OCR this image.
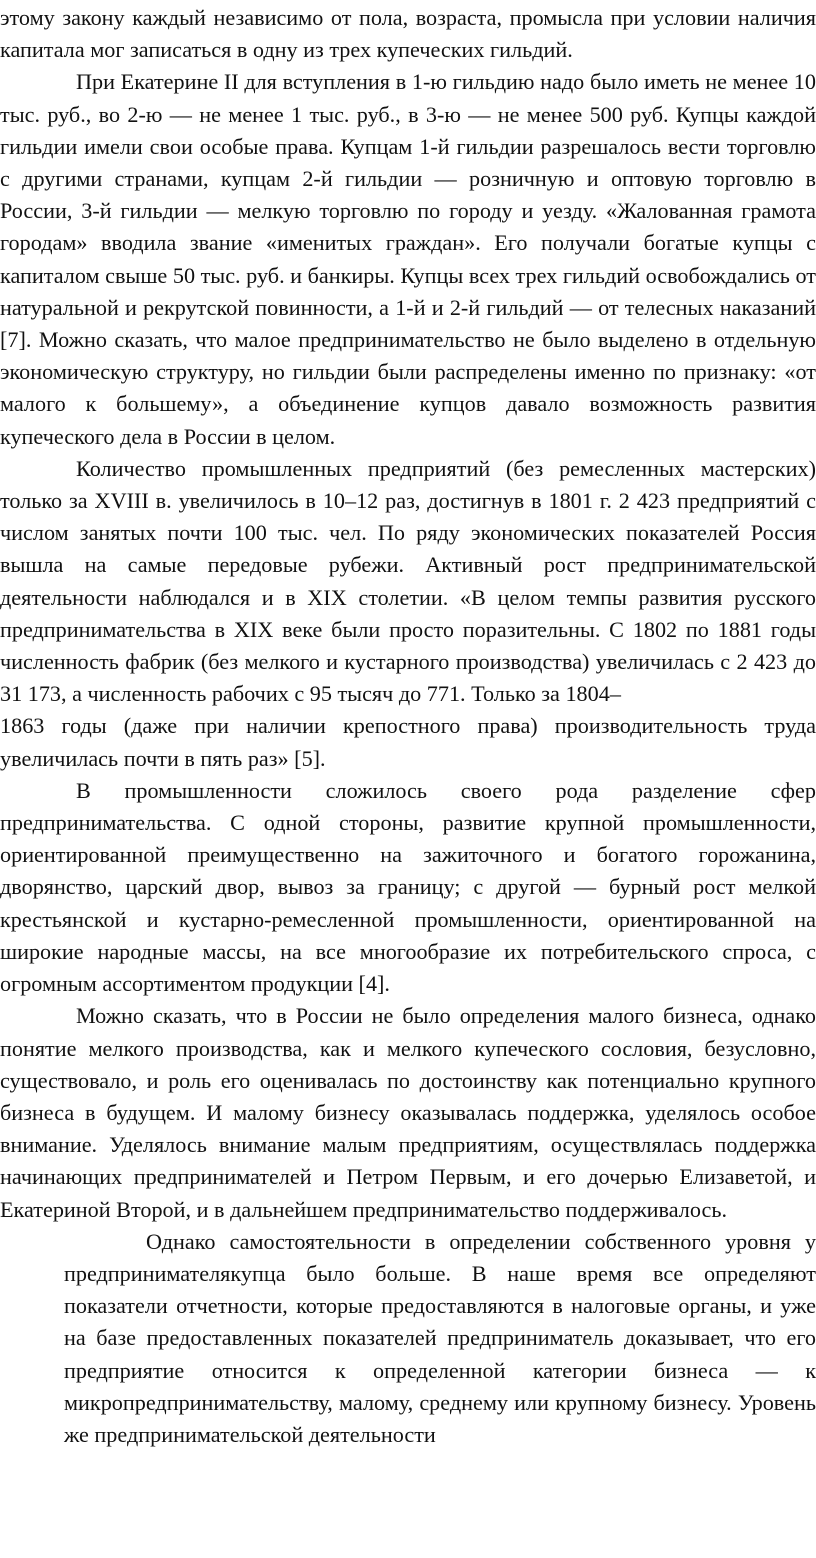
этому закону каждый независимо от пола, возраста, промысла при условии наличия капитала мог записаться в одну из трех купеческих гильдий.

При Екатерине II для вступления в 1-ю гильдию надо было иметь не менее 10 тыс. руб., во 2-ю — не менее 1 тыс. руб., в 3-ю — не менее 500 руб. Купцы каждой гильдии имели свои особые права. Купцам 1-й гильдии разрешалось вести торговлю с другими странами, купцам 2-й гильдии — розничную и оптовую торговлю в России, 3-й гильдии — мелкую торговлю по городу и уезду. «Жалованная грамота городам» вводила звание «именитых граждан». Его получали богатые купцы с капиталом свыше 50 тыс. руб. и банкиры. Купцы всех трех гильдий освобождались от натуральной и рекрутской повинности, а 1-й и 2-й гильдий — от телесных наказаний [7]. Можно сказать, что малое предпринимательство не было выделено в отдельную экономическую структуру, но гильдии были распределены именно по признаку: «от малого к большему», а объединение купцов давало возможность развития купеческого дела в России в целом.

Количество промышленных предприятий (без ремесленных мастерских) только за XVIII в. увеличилось в 10–12 раз, достигнув в 1801 г. 2 423 предприятий с числом занятых почти 100 тыс. чел. По ряду экономических показателей Россия вышла на самые передовые рубежи. Активный рост предпринимательской деятельности наблюдался и в XIX столетии. «В целом темпы развития русского предпринимательства в XIX веке были просто поразительны. С 1802 по 1881 годы численность фабрик (без мелкого и кустарного производства) увеличилась с 2 423 до 31 173, а численность рабочих с 95 тысяч до 771. Только за 1804–

1863 годы (даже при наличии крепостного права) производительность труда увеличилась почти в пять раз» [5].

В промышленности сложилось своего рода разделение сфер предпринимательства. С одной стороны, развитие крупной промышленности, ориентированной преимущественно на зажиточного и богатого горожанина, дворянство, царский двор, вывоз за границу; с другой — бурный рост мелкой крестьянской и кустарно-ремесленной промышленности, ориентированной на широкие народные массы, на все многообразие их потребительского спроса, с огромным ассортиментом продукции [4].

Можно сказать, что в России не было определения малого бизнеса, однако понятие мелкого производства, как и мелкого купеческого сословия, безусловно, существовало, и роль его оценивалась по достоинству как потенциально крупного бизнеса в будущем. И малому бизнесу оказывалась поддержка, уделялось особое внимание. Уделялось внимание малым предприятиям, осуществлялась поддержка начинающих предпринимателей и Петром Первым, и его дочерью Елизаветой, и Екатериной Второй, и в дальнейшем предпринимательство поддерживалось.

Однако самостоятельности в определении собственного уровня у предпринимателякупца было больше. В наше время все определяют показатели отчетности, которые предоставляются в налоговые органы, и уже на базе предоставленных показателей предприниматель доказывает, что его предприятие относится к определенной категории бизнеса — к микропредпринимательству, малому, среднему или крупному бизнесу. Уровень же предпринимательской деятельности
